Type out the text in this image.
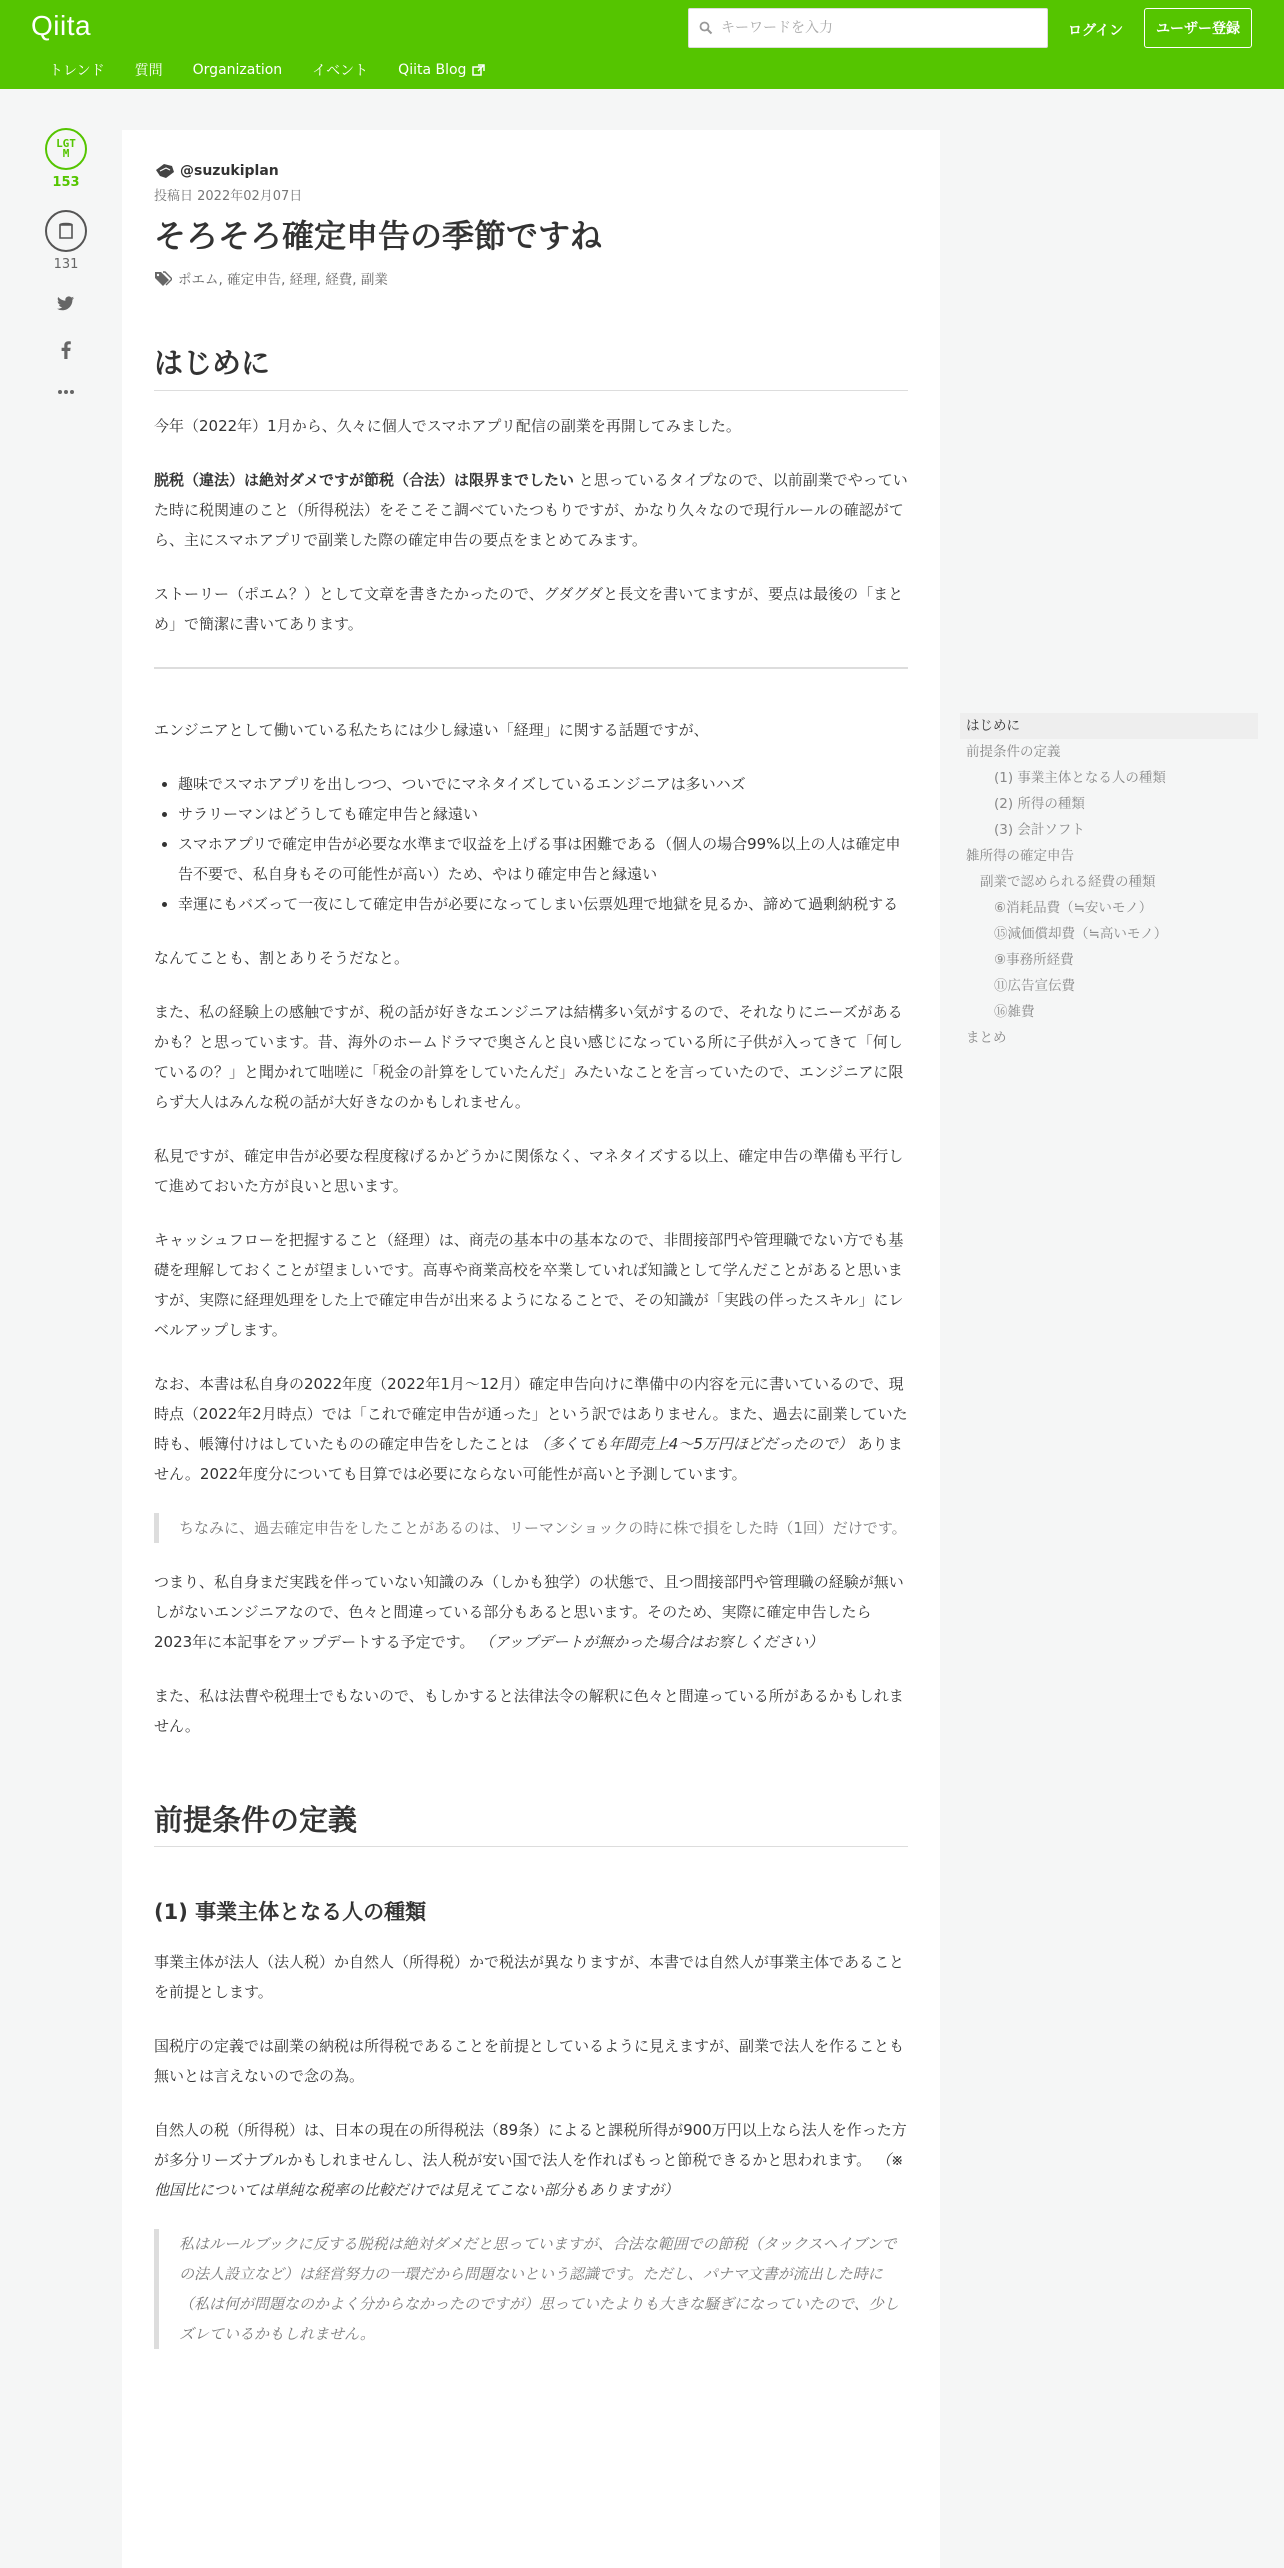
Qiita
キーワードを入力	ログイン	ユーザー登録
トレンド 質問 Organization イベント Qiita Blog
LGTM
153
131
@suzukiplan
投稿日 2022年02月07日
そろそろ確定申告の季節ですね
ポエム, 確定申告, 経理, 経費, 副業
はじめに

今年（2022年）1月から、久々に個人でスマホアプリ配信の副業を再開してみました。

脱税（違法）は絶対ダメですが節税（合法）は限界までしたい と思っているタイプなので、以前副業でやっていた時に税関連のこと（所得税法）をそこそこ調べていたつもりですが、かなり久々なので現行ルールの確認がてら、主にスマホアプリで副業した際の確定申告の要点をまとめてみます。

ストーリー（ポエム？）として文章を書きたかったので、グダグダと長文を書いてますが、要点は最後の「まとめ」で簡潔に書いてあります。

エンジニアとして働いている私たちには少し縁遠い「経理」に関する話題ですが、

• 趣味でスマホアプリを出しつつ、ついでにマネタイズしているエンジニアは多いハズ
• サラリーマンはどうしても確定申告と縁遠い
• スマホアプリで確定申告が必要な水準まで収益を上げる事は困難である（個人の場合99%以上の人は確定申告不要で、私自身もその可能性が高い）ため、やはり確定申告と縁遠い
• 幸運にもバズって一夜にして確定申告が必要になってしまい伝票処理で地獄を見るか、諦めて過剰納税する

なんてことも、割とありそうだなと。

また、私の経験上の感触ですが、税の話が好きなエンジニアは結構多い気がするので、それなりにニーズがあるかも？と思っています。昔、海外のホームドラマで奥さんと良い感じになっている所に子供が入ってきて「何しているの？」と聞かれて咄嗟に「税金の計算をしていたんだ」みたいなことを言っていたので、エンジニアに限らず大人はみんな税の話が大好きなのかもしれません。

私見ですが、確定申告が必要な程度稼げるかどうかに関係なく、マネタイズする以上、確定申告の準備も平行して進めておいた方が良いと思います。

キャッシュフローを把握すること（経理）は、商売の基本中の基本なので、非間接部門や管理職でない方でも基礎を理解しておくことが望ましいです。高専や商業高校を卒業していれば知識として学んだことがあると思いますが、実際に経理処理をした上で確定申告が出来るようになることで、その知識が「実践の伴ったスキル」にレベルアップします。

なお、本書は私自身の2022年度（2022年1月〜12月）確定申告向けに準備中の内容を元に書いているので、現時点（2022年2月時点）では「これで確定申告が通った」という訳ではありません。また、過去に副業していた時も、帳簿付けはしていたものの確定申告をしたことは （多くても年間売上4〜5万円ほどだったので） ありません。2022年度分についても目算では必要にならない可能性が高いと予測しています。

ちなみに、過去確定申告をしたことがあるのは、リーマンショックの時に株で損をした時（1回）だけです。

つまり、私自身まだ実践を伴っていない知識のみ（しかも独学）の状態で、且つ間接部門や管理職の経験が無いしがないエンジニアなので、色々と間違っている部分もあると思います。そのため、実際に確定申告したら2023年に本記事をアップデートする予定です。 （アップデートが無かった場合はお察しください）

また、私は法曹や税理士でもないので、もしかすると法律法令の解釈に色々と間違っている所があるかもしれません。

前提条件の定義
(1) 事業主体となる人の種類

事業主体が法人（法人税）か自然人（所得税）かで税法が異なりますが、本書では自然人が事業主体であることを前提とします。

国税庁の定義では副業の納税は所得税であることを前提としているように見えますが、副業で法人を作ることも無いとは言えないので念の為。

自然人の税（所得税）は、日本の現在の所得税法（89条）によると課税所得が900万円以上なら法人を作った方が多分リーズナブルかもしれませんし、法人税が安い国で法人を作ればもっと節税できるかと思われます。 （※他国比については単純な税率の比較だけでは見えてこない部分もありますが）

私はルールブックに反する脱税は絶対ダメだと思っていますが、合法な範囲での節税（タックスヘイブンでの法人設立など）は経営努力の一環だから問題ないという認識です。ただし、パナマ文書が流出した時に（私は何が問題なのかよく分からなかったのですが）思っていたよりも大きな騒ぎになっていたので、少しズレているかもしれません。

はじめに
前提条件の定義
(1) 事業主体となる人の種類
(2) 所得の種類
(3) 会計ソフト
雑所得の確定申告
副業で認められる経費の種類
⑥消耗品費（≒安いモノ）
⑮減価償却費（≒高いモノ）
⑨事務所経費
⑪広告宣伝費
⑯雑費
まとめ
